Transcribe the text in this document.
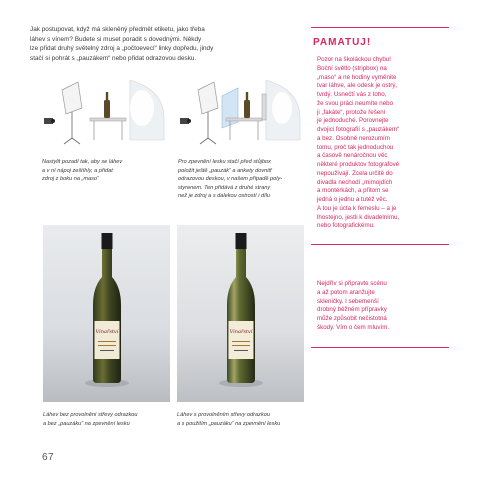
Jak postupovat, když má skleněný předmět etiketu, jako třeba

láhev s vínem? Budete si muset poradit s dovednými. Někdy

lze přidat druhý světelný zdroj a „počtoevecí“ linky dopředu, jindy

stačí si pohrát s „pauzákem“ nebo přidat odrazovou desku.

Nastylit pozadí tak, aby se láhev

a v ní nápoj zeštíhly, a přidat

zdroj z boku na „maso“

Pro zpevnění lesku stačí před stůjbox

položit ještě „pauzák“ a ankety dovnitř

odrazovou deskou, v našem případě poly-

styrenem. Ten přidává z druhé strany

než je zdroj a s dalekou ostrostí i dílu

Vinařství	Vinařství

Láhev bez provolnění střevy odrazkou

a bez „pauzáku“ na zpevnění lesku

Láhev s provolněním střevy odrazkou

a s použitím „pauzáku“ na zpevnění lesku

67
PAMATUJ!

Pozor na školáckou chybu!

Boční světlo (stripbox) na

„maso“ a ne hodiny vyměnite

tvar láhve, ale odesk je ostrý,

tvrdý. Usnečtí vás z toho,

že svou práci neumíte nebo

ji „fakáte“, protože řešení

je jednoduché. Porovnejte

dvojici fotografií s „pauzákem“

a bez. Osobně nerozumím

tomu, proč tak jednoduchou

a časově nenáročnou věc

některé produktov fotografové

nepoužívají. Zcela určitě do

divadla nechodí „mimojdích

a montérkách, a přitom se

jedná o jednu a tutéž věc.

A tou je úcta k řemeslu – a je

lhostejno, jestli k divadelnímu,

nebo fotografickému.

Nejdřív si připravte scénu

a až potom aranžujte

skleničky. I sebemenší

drobný běžném přípravky

může způsobit nečistotná

škody. Vím o čem mluvím.
